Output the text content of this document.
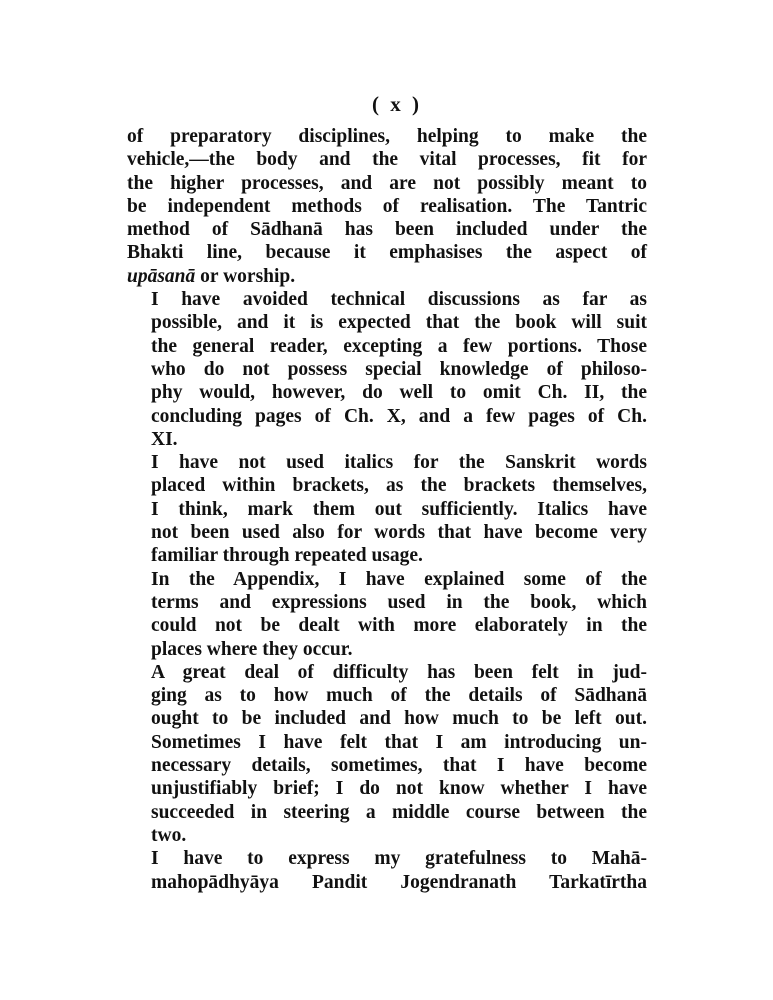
( x )

of preparatory disciplines, helping to make the
vehicle,—the body and the vital processes, fit for
the higher processes, and are not possibly meant to
be independent methods of realisation. The Tantric
method of Sādhanā has been included under the
Bhakti line, because it emphasises the aspect of
upāsanā or worship.

I have avoided technical discussions as far as
possible, and it is expected that the book will suit
the general reader, excepting a few portions. Those
who do not possess special knowledge of philoso-
phy would, however, do well to omit Ch. II, the
concluding pages of Ch. X, and a few pages of Ch.
XI.

I have not used italics for the Sanskrit words
placed within brackets, as the brackets themselves,
I think, mark them out sufficiently. Italics have
not been used also for words that have become very
familiar through repeated usage.

In the Appendix, I have explained some of the
terms and expressions used in the book, which
could not be dealt with more elaborately in the
places where they occur.

A great deal of difficulty has been felt in jud-
ging as to how much of the details of Sādhanā
ought to be included and how much to be left out.
Sometimes I have felt that I am introducing un-
necessary details, sometimes, that I have become
unjustifiably brief; I do not know whether I have
succeeded in steering a middle course between the
two.

I have to express my gratefulness to Mahā-
mahopādhyāya Pandit Jogendranath Tarkatīrtha
